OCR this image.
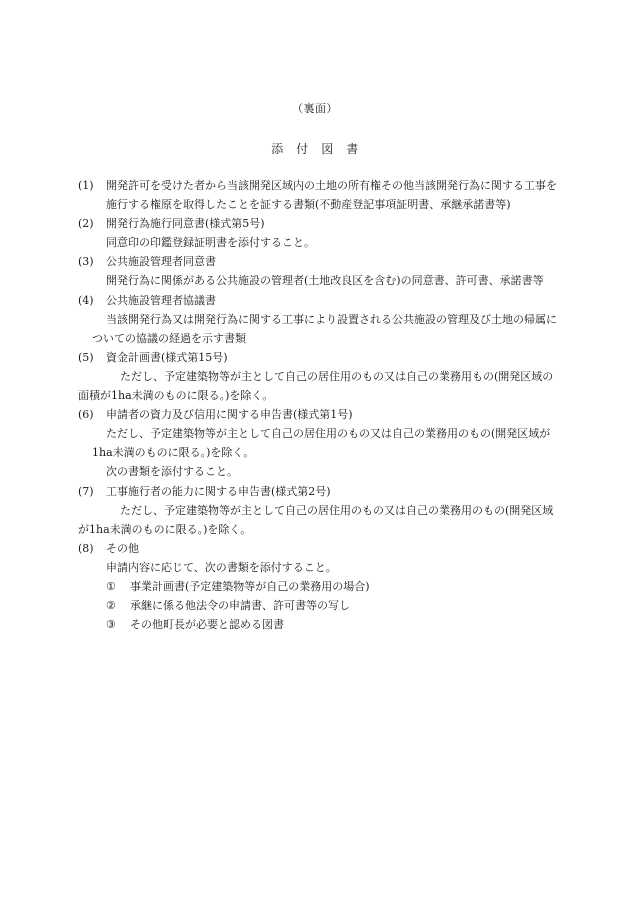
（裏面）
添　付　図　書
(1) 開発許可を受けた者から当該開発区域内の土地の所有権その他当該開発行為に関する工事を施行する権原を取得したことを証する書類(不動産登記事項証明書、承継承諾書等)
(2)	開発行為施行同意書(様式第5号)
同意印の印鑑登録証明書を添付すること。
(3)	公共施設管理者同意書
開発行為に関係がある公共施設の管理者(土地改良区を含む)の同意書、許可書、承諾書等
(4)	公共施設管理者協議書
当該開発行為又は開発行為に関する工事により設置される公共施設の管理及び土地の帰属についての協議の経過を示す書類
(5)	資金計画書(様式第15号)
ただし、予定建築物等が主として自己の居住用のもの又は自己の業務用もの(開発区域の面積が1ha未満のものに限る。)を除く。
(6)	申請者の資力及び信用に関する申告書(様式第1号)
ただし、予定建築物等が主として自己の居住用のもの又は自己の業務用のもの(開発区域が1ha未満のものに限る。)を除く。
次の書類を添付すること。
(7)	工事施行者の能力に関する申告書(様式第2号)
ただし、予定建築物等が主として自己の居住用のもの又は自己の業務用のもの(開発区域が1ha未満のものに限る。)を除く。
(8)	その他
申請内容に応じて、次の書類を添付すること。
①	事業計画書(予定建築物等が自己の業務用の場合)
②	承継に係る他法令の申請書、許可書等の写し
③	その他町長が必要と認める図書
